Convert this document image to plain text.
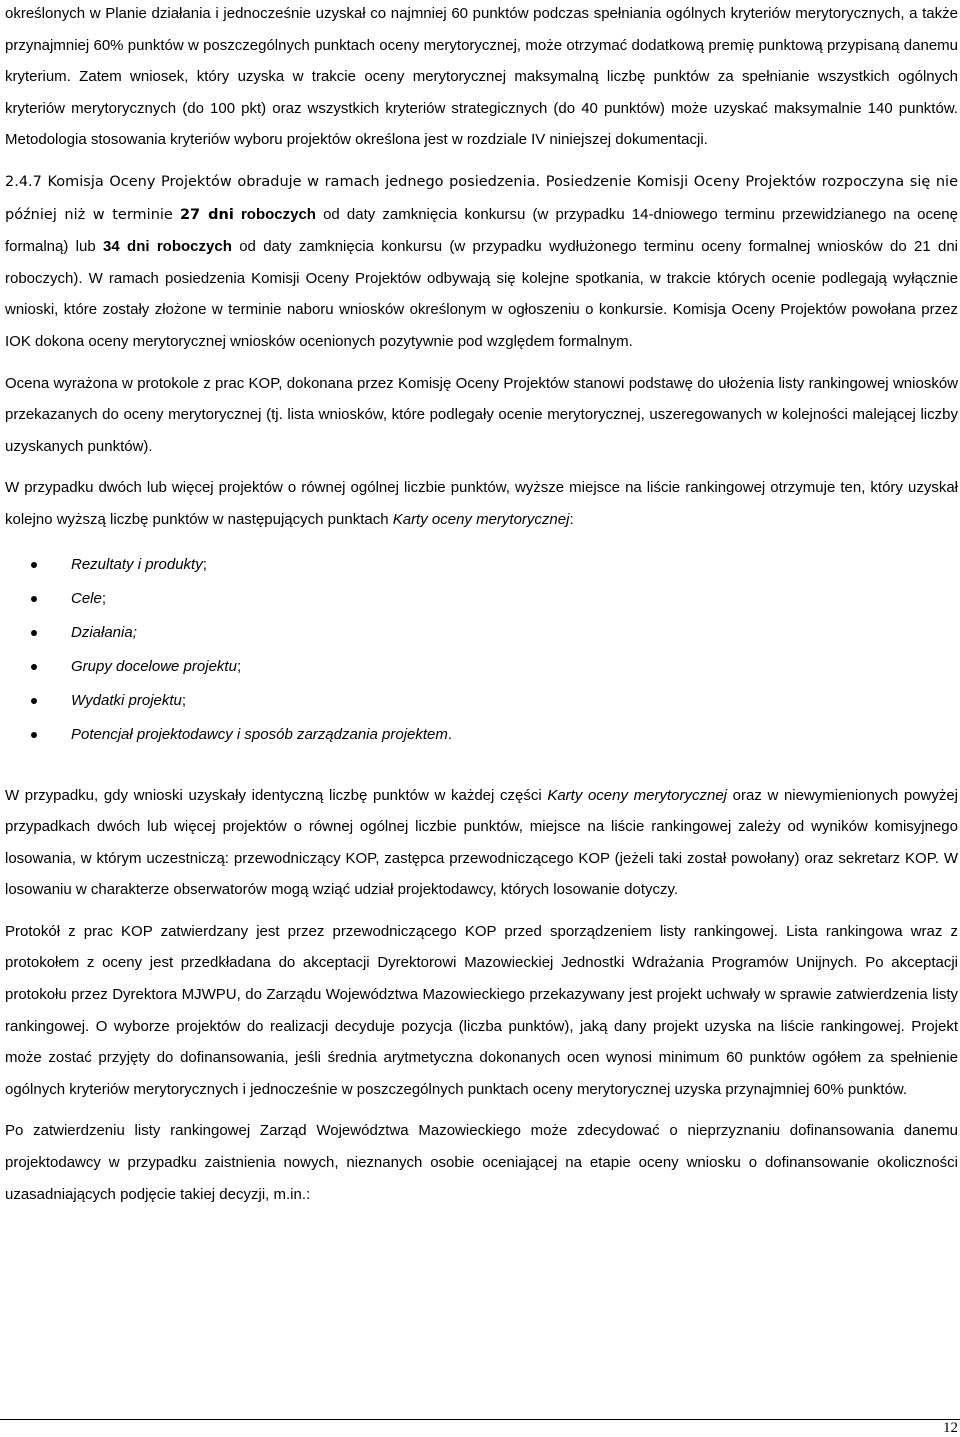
określonych w Planie działania i jednocześnie uzyskał co najmniej 60 punktów podczas spełniania ogólnych kryteriów merytorycznych, a także przynajmniej 60% punktów w poszczególnych punktach oceny merytorycznej, może otrzymać dodatkową premię punktową przypisaną danemu kryterium. Zatem wniosek, który uzyska w trakcie oceny merytorycznej maksymalną liczbę punktów za spełnianie wszystkich ogólnych kryteriów merytorycznych (do 100 pkt) oraz wszystkich kryteriów strategicznych (do 40 punktów) może uzyskać maksymalnie 140 punktów. Metodologia stosowania kryteriów wyboru projektów określona jest w rozdziale IV niniejszej dokumentacji.

2.4.7 Komisja Oceny Projektów obraduje w ramach jednego posiedzenia. Posiedzenie Komisji Oceny Projektów rozpoczyna się nie później niż w terminie 27 dni roboczych od daty zamknięcia konkursu (w przypadku 14-dniowego terminu przewidzianego na ocenę formalną) lub 34 dni roboczych od daty zamknięcia konkursu (w przypadku wydłużonego terminu oceny formalnej wniosków do 21 dni roboczych). W ramach posiedzenia Komisji Oceny Projektów odbywają się kolejne spotkania, w trakcie których ocenie podlegają wyłącznie wnioski, które zostały złożone w terminie naboru wniosków określonym w ogłoszeniu o konkursie. Komisja Oceny Projektów powołana przez IOK dokona oceny merytorycznej wniosków ocenionych pozytywnie pod względem formalnym.

Ocena wyrażona w protokole z prac KOP, dokonana przez Komisję Oceny Projektów stanowi podstawę do ułożenia listy rankingowej wniosków przekazanych do oceny merytorycznej (tj. lista wniosków, które podlegały ocenie merytorycznej, uszeregowanych w kolejności malejącej liczby uzyskanych punktów).

W przypadku dwóch lub więcej projektów o równej ogólnej liczbie punktów, wyższe miejsce na liście rankingowej otrzymuje ten, który uzyskał kolejno wyższą liczbę punktów w następujących punktach Karty oceny merytorycznej:

Rezultaty i produkty;
Cele;
Działania;
Grupy docelowe projektu;
Wydatki projektu;
Potencjał projektodawcy i sposób zarządzania projektem.

W przypadku, gdy wnioski uzyskały identyczną liczbę punktów w każdej części Karty oceny merytorycznej oraz w niewymienionych powyżej przypadkach dwóch lub więcej projektów o równej ogólnej liczbie punktów, miejsce na liście rankingowej zależy od wyników komisyjnego losowania, w którym uczestniczą: przewodniczący KOP, zastępca przewodniczącego KOP (jeżeli taki został powołany) oraz sekretarz KOP. W losowaniu w charakterze obserwatorów mogą wziąć udział projektodawcy, których losowanie dotyczy.

Protokół z prac KOP zatwierdzany jest przez przewodniczącego KOP przed sporządzeniem listy rankingowej. Lista rankingowa wraz z protokołem z oceny jest przedkładana do akceptacji Dyrektorowi Mazowieckiej Jednostki Wdrażania Programów Unijnych. Po akceptacji protokołu przez Dyrektora MJWPU, do Zarządu Województwa Mazowieckiego przekazywany jest projekt uchwały w sprawie zatwierdzenia listy rankingowej. O wyborze projektów do realizacji decyduje pozycja (liczba punktów), jaką dany projekt uzyska na liście rankingowej. Projekt może zostać przyjęty do dofinansowania, jeśli średnia arytmetyczna dokonanych ocen wynosi minimum 60 punktów ogółem za spełnienie ogólnych kryteriów merytorycznych i jednocześnie w poszczególnych punktach oceny merytorycznej uzyska przynajmniej 60% punktów.

Po zatwierdzeniu listy rankingowej Zarząd Województwa Mazowieckiego może zdecydować o nieprzyznaniu dofinansowania danemu projektodawcy w przypadku zaistnienia nowych, nieznanych osobie oceniającej na etapie oceny wniosku o dofinansowanie okoliczności uzasadniających podjęcie takiej decyzji, m.in.:

12
